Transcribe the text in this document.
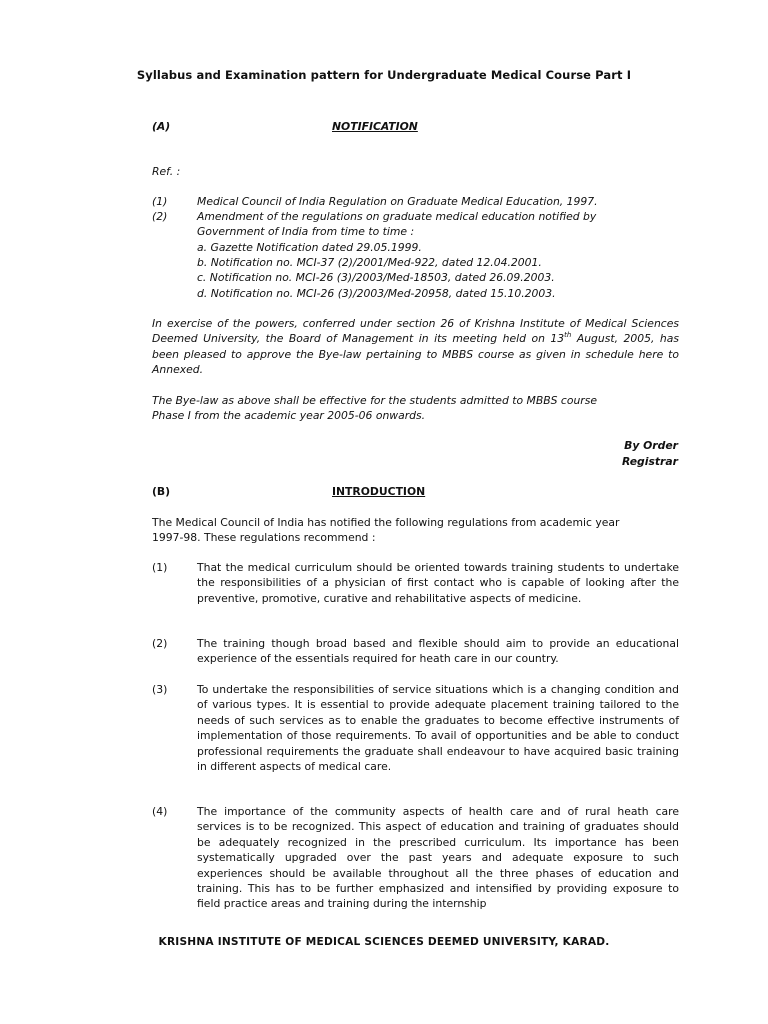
Syllabus and Examination pattern for Undergraduate Medical Course Part I
(A)	NOTIFICATION
Ref. :
(1)	Medical Council of India Regulation on Graduate Medical Education, 1997.
(2)	Amendment of the regulations on graduate medical education notified by
Government of India from time to time :
a. Gazette Notification dated 29.05.1999.
b. Notification no. MCI-37 (2)/2001/Med-922, dated 12.04.2001.
c. Notification no. MCI-26 (3)/2003/Med-18503, dated 26.09.2003.
d. Notification no. MCI-26 (3)/2003/Med-20958, dated 15.10.2003.
In exercise of the powers, conferred under section 26 of Krishna Institute of Medical Sciences Deemed University, the Board of Management in its meeting held on 13th August, 2005, has been pleased to approve the Bye-law pertaining to MBBS course as given in schedule here to Annexed.
The Bye-law as above shall be effective for the students admitted to MBBS course
Phase I from the academic year 2005-06 onwards.
By Order
Registrar
(B)	INTRODUCTION
The Medical Council of India has notified the following regulations from academic year
1997-98. These regulations recommend :
(1)	That the medical curriculum should be oriented towards training students to undertake the responsibilities of a physician of first contact who is capable of looking after the preventive, promotive, curative and rehabilitative aspects of medicine.
(2)	The training though broad based and flexible should aim to provide an educational experience of the essentials required for heath care in our country.
(3)	To undertake the responsibilities of service situations which is a changing condition and of various types. It is essential to provide adequate placement training tailored to the needs of such services as to enable the graduates to become effective instruments of implementation of those requirements. To avail of opportunities and be able to conduct professional requirements the graduate shall endeavour to have acquired basic training in different aspects of medical care.
(4)	The importance of the community aspects of health care and of rural heath care services is to be recognized. This aspect of education and training of graduates should be adequately recognized in the prescribed curriculum. Its importance has been systematically upgraded over the past years and adequate exposure to such experiences should be available throughout all the three phases of education and training. This has to be further emphasized and intensified by providing exposure to field practice areas and training during the internship
KRISHNA INSTITUTE OF MEDICAL SCIENCES DEEMED UNIVERSITY, KARAD.
